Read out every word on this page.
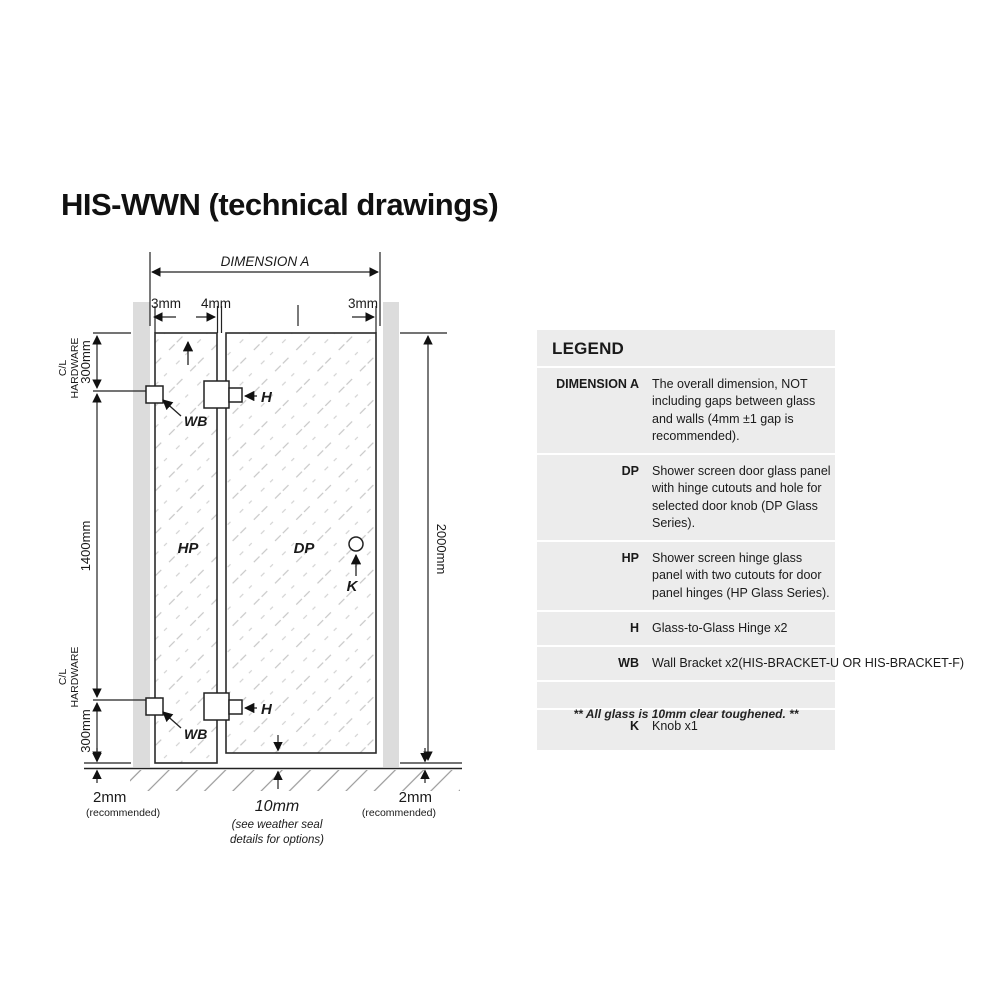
HIS-WWN (technical drawings)
DIMENSION A
3mm 4mm	3mm
C/L HARDWARE
300mm
1400mm
C/L HARDWARE
300mm
2mm
(recommended)
2000mm
2mm
(recommended)
10mm
(see weather seal
details for options)
WB
WB
H
H
HP	DP
K
LEGEND
DIMENSION A	The overall dimension, NOT including gaps between glass and walls (4mm ±1 gap is recommended).
DP	Shower screen door glass panel with hinge cutouts and hole for selected door knob (DP Glass Series).
HP	Shower screen hinge glass panel with two cutouts for door panel hinges (HP Glass Series).
H	Glass-to-Glass Hinge x2
WB	Wall Bracket x2(HIS-BRACKET-U OR HIS-BRACKET-F)
K	Knob x1
** All glass is 10mm clear toughened. **
